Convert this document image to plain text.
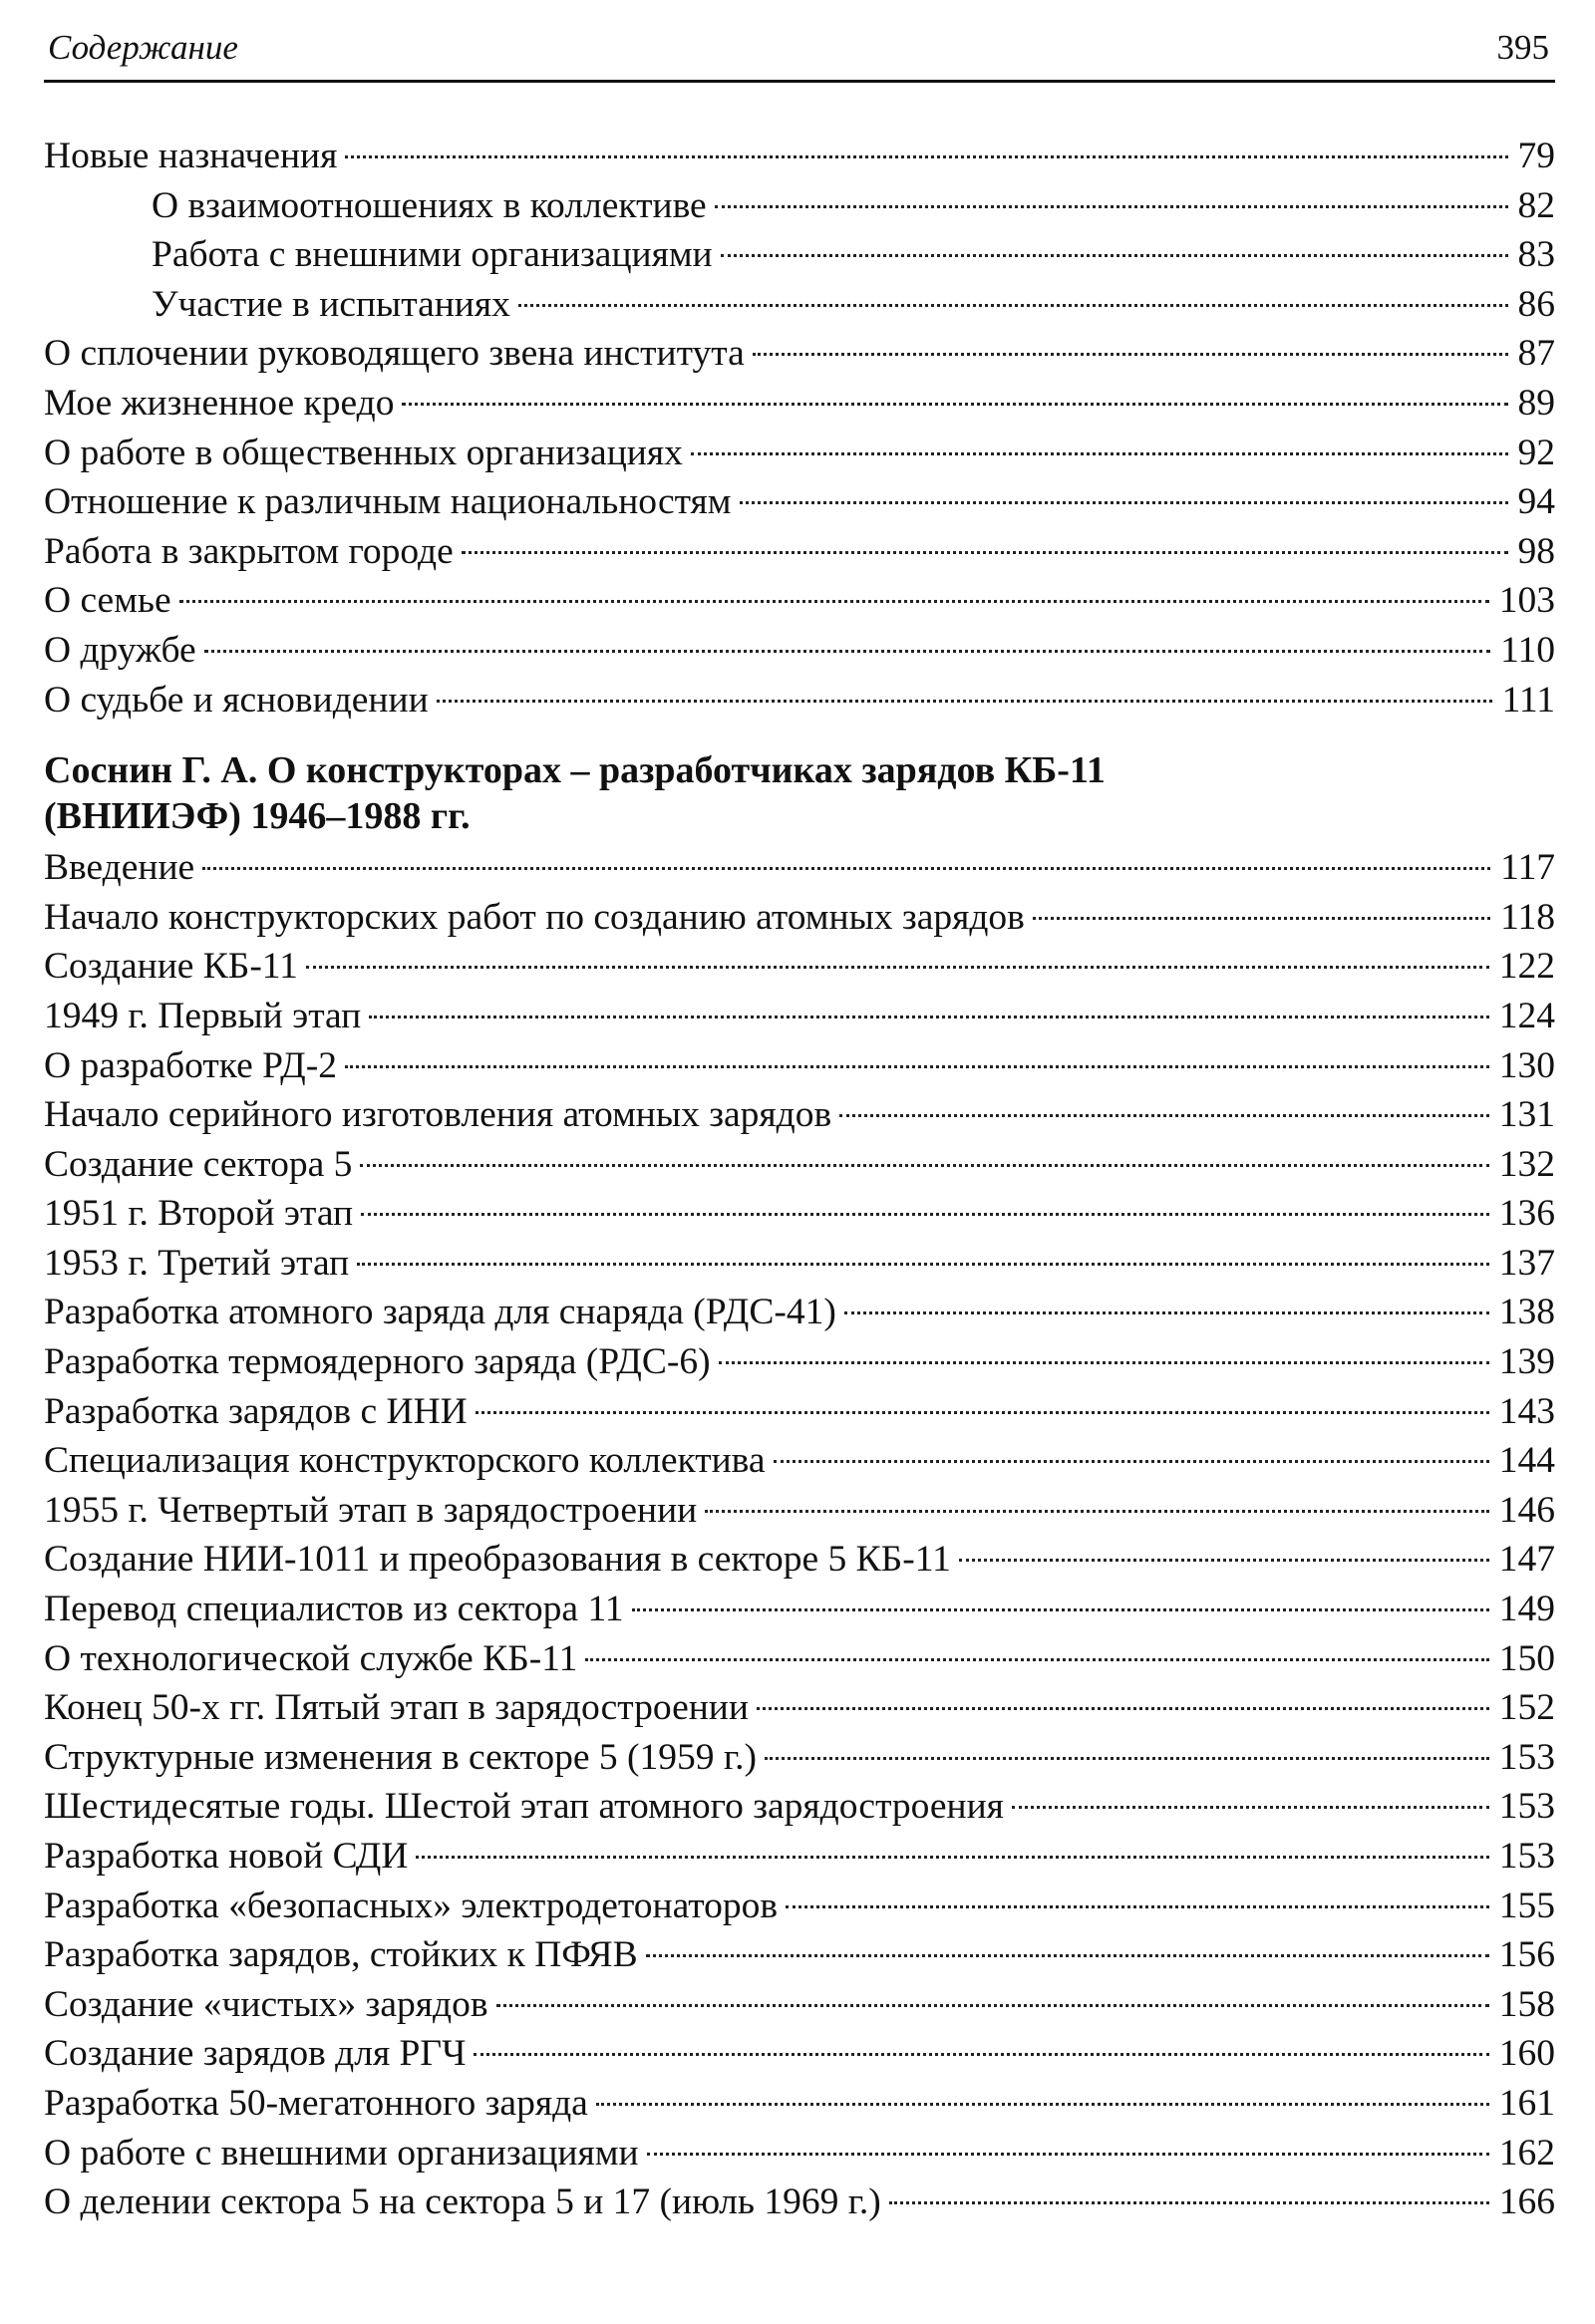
Содержание	395
Новые назначения	79
О взаимоотношениях в коллективе	82
Работа с внешними организациями	83
Участие в испытаниях	86
О сплочении руководящего звена института	87
Мое жизненное кредо	89
О работе в общественных организациях	92
Отношение к различным национальностям	94
Работа в закрытом городе	98
О семье	103
О дружбе	110
О судьбе и ясновидении	111
Соснин Г. А. О конструкторах – разработчиках зарядов КБ-11
(ВНИИЭФ) 1946–1988 гг.
Введение	117
Начало конструкторских работ по созданию атомных зарядов	118
Создание КБ-11	122
1949 г. Первый этап	124
О разработке РД-2	130
Начало серийного изготовления атомных зарядов	131
Создание сектора 5	132
1951 г. Второй этап	136
1953 г. Третий этап	137
Разработка атомного заряда для снаряда (РДС-41)	138
Разработка термоядерного заряда (РДС-6)	139
Разработка зарядов с ИНИ	143
Специализация конструкторского коллектива	144
1955 г. Четвертый этап в зарядостроении	146
Создание НИИ-1011 и преобразования в секторе 5 КБ-11	147
Перевод специалистов из сектора 11	149
О технологической службе КБ-11	150
Конец 50-х гг. Пятый этап в зарядостроении	152
Структурные изменения в секторе 5 (1959 г.)	153
Шестидесятые годы. Шестой этап атомного зарядостроения	153
Разработка новой СДИ	153
Разработка «безопасных» электродетонаторов	155
Разработка зарядов, стойких к ПФЯВ	156
Создание «чистых» зарядов	158
Создание зарядов для РГЧ	160
Разработка 50-мегатонного заряда	161
О работе с внешними организациями	162
О делении сектора 5 на сектора 5 и 17 (июль 1969 г.)	166
